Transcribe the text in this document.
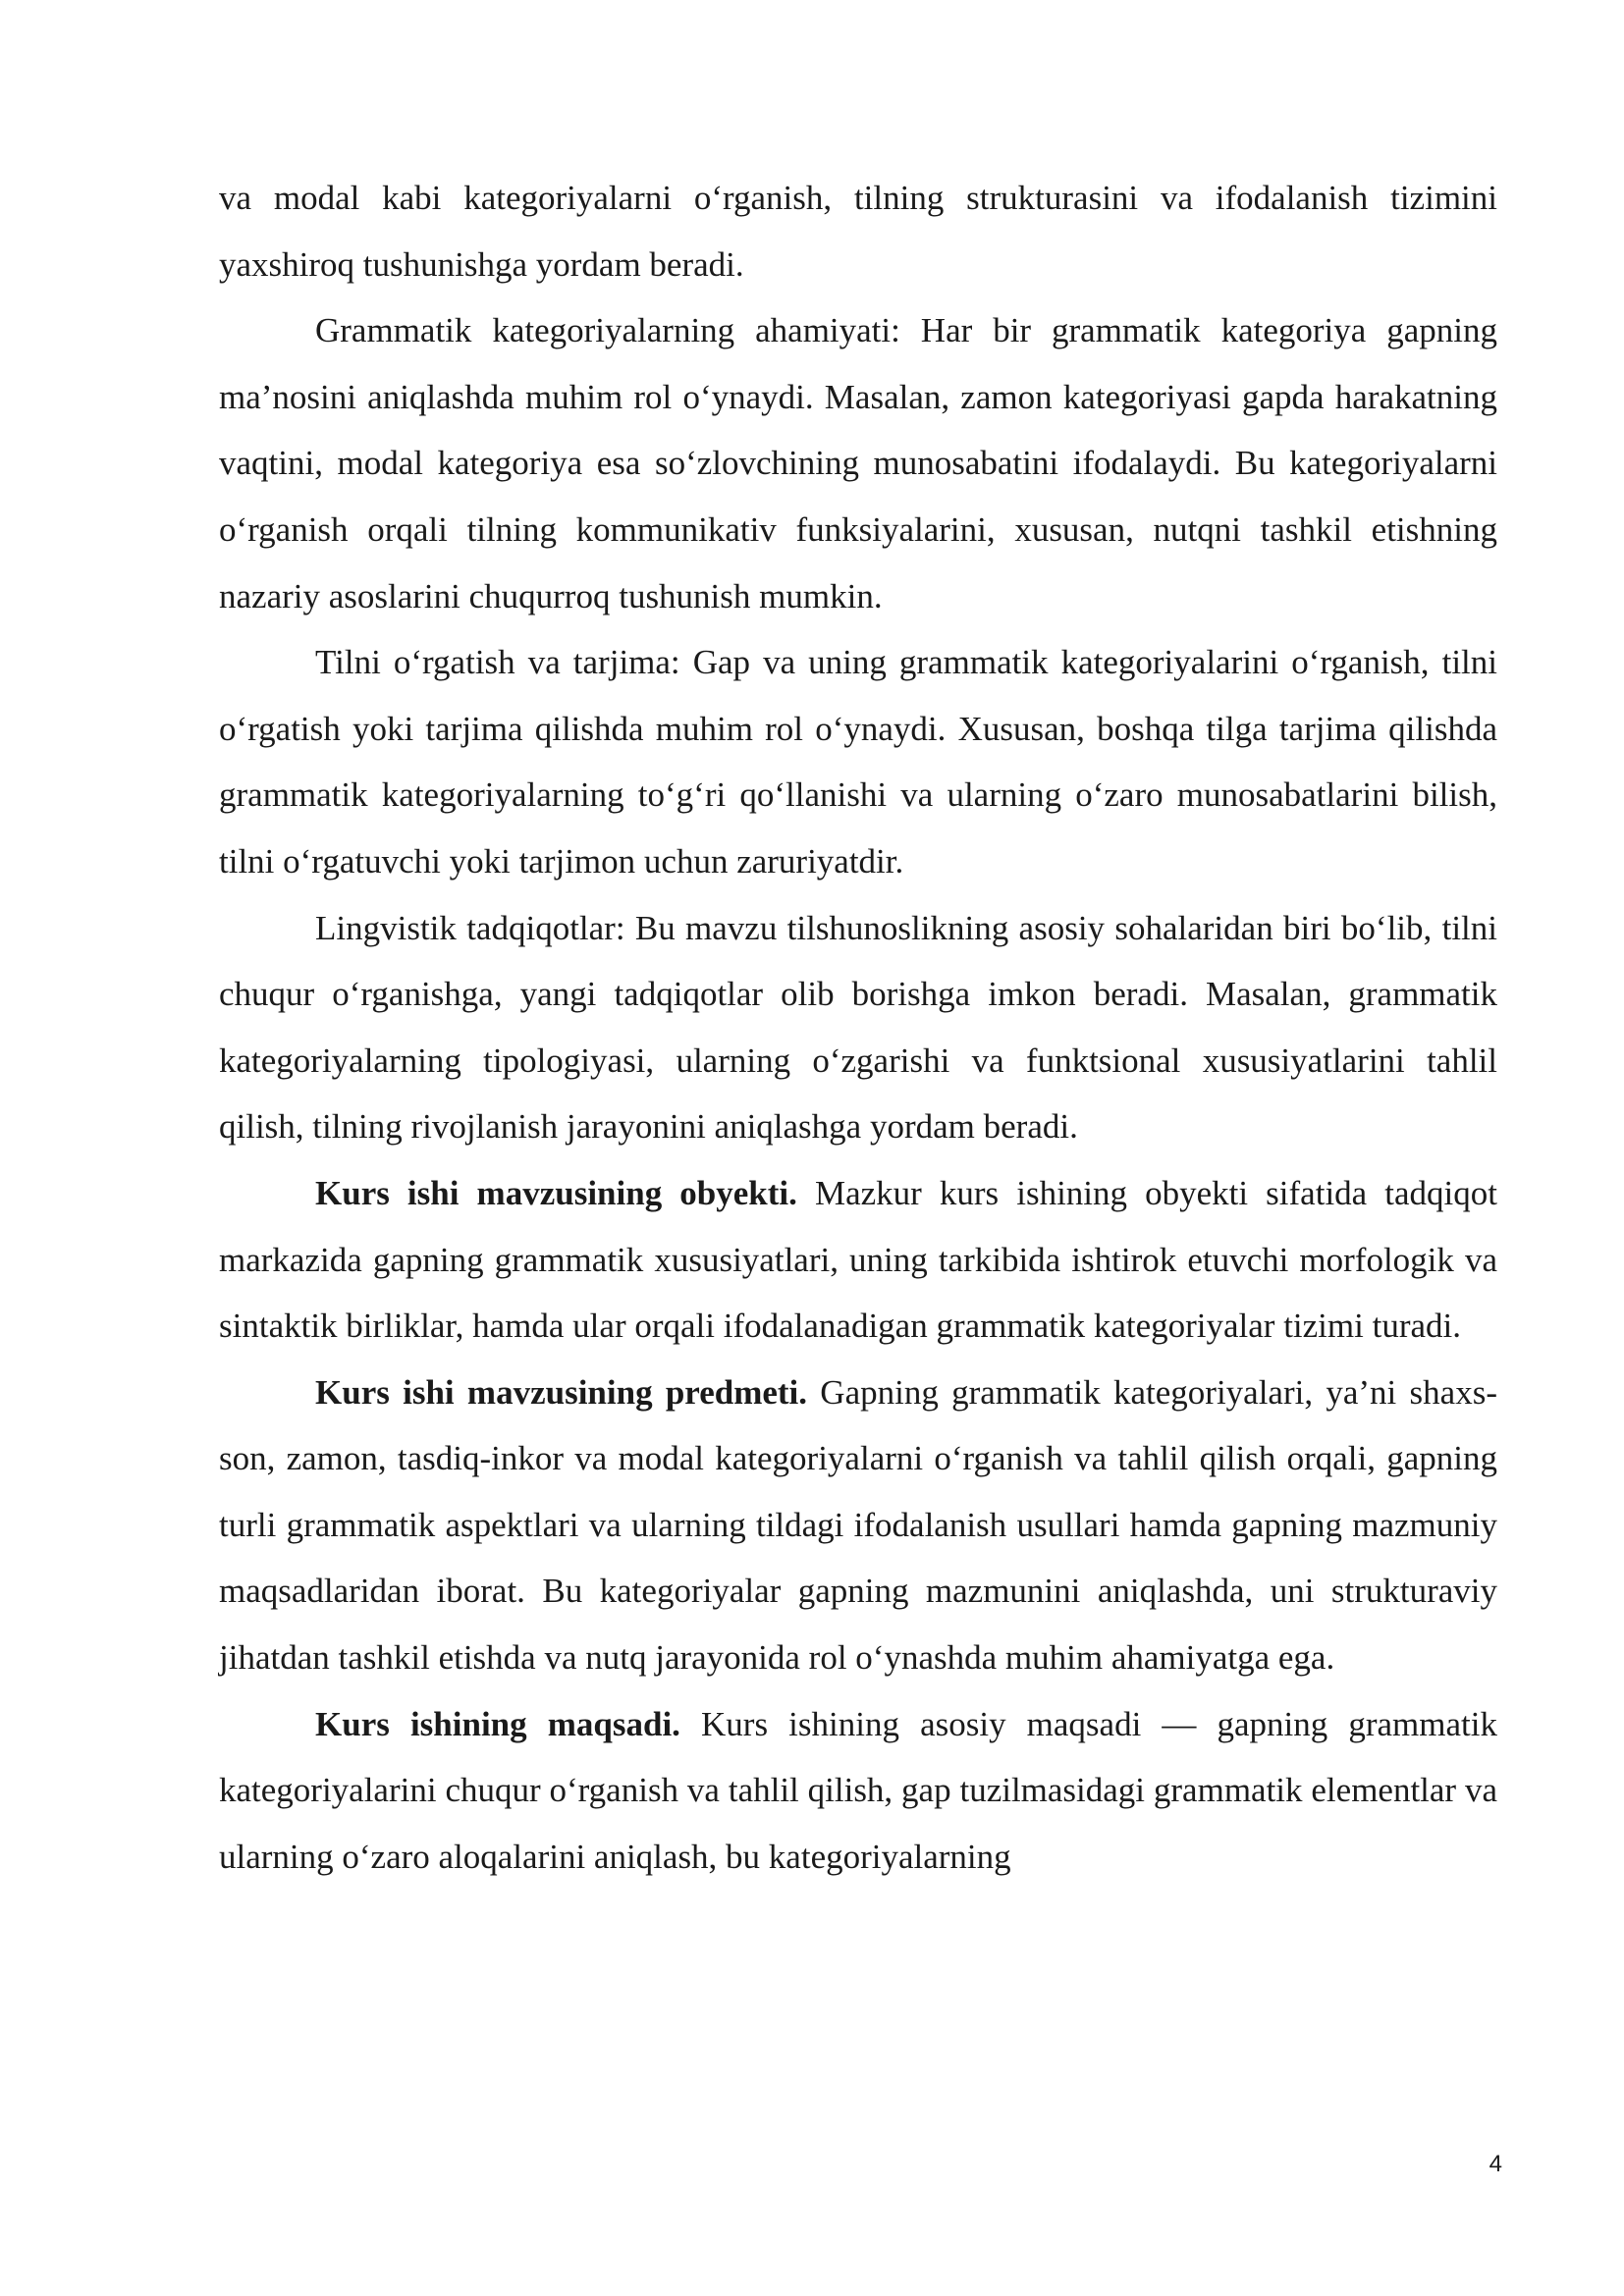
va modal kabi kategoriyalarni o‘rganish, tilning strukturasini va ifodalanish tizimini yaxshiroq tushunishga yordam beradi.

Grammatik kategoriyalarning ahamiyati: Har bir grammatik kategoriya gapning ma’nosini aniqlashda muhim rol o‘ynaydi. Masalan, zamon kategoriyasi gapda harakatning vaqtini, modal kategoriya esa so‘zlovchining munosabatini ifodalaydi. Bu kategoriyalarni o‘rganish orqali tilning kommunikativ funksiyalarini, xususan, nutqni tashkil etishning nazariy asoslarini chuqurroq tushunish mumkin.

Tilni o‘rgatish va tarjima: Gap va uning grammatik kategoriyalarini o‘rganish, tilni o‘rgatish yoki tarjima qilishda muhim rol o‘ynaydi. Xususan, boshqa tilga tarjima qilishda grammatik kategoriyalarning to‘g‘ri qo‘llanishi va ularning o‘zaro munosabatlarini bilish, tilni o‘rgatuvchi yoki tarjimon uchun zaruriyatdir.

Lingvistik tadqiqotlar: Bu mavzu tilshunoslikning asosiy sohalaridan biri bo‘lib, tilni chuqur o‘rganishga, yangi tadqiqotlar olib borishga imkon beradi. Masalan, grammatik kategoriyalarning tipologiyasi, ularning o‘zgarishi va funktsional xususiyatlarini tahlil qilish, tilning rivojlanish jarayonini aniqlashga yordam beradi.

Kurs ishi mavzusining obyekti. Mazkur kurs ishining obyekti sifatida tadqiqot markazida gapning grammatik xususiyatlari, uning tarkibida ishtirok etuvchi morfologik va sintaktik birliklar, hamda ular orqali ifodalanadigan grammatik kategoriyalar tizimi turadi.

Kurs ishi mavzusining predmeti. Gapning grammatik kategoriyalari, ya’ni shaxs-son, zamon, tasdiq-inkor va modal kategoriyalarni o‘rganish va tahlil qilish orqali, gapning turli grammatik aspektlari va ularning tildagi ifodalanish usullari hamda gapning mazmuniy maqsadlaridan iborat. Bu kategoriyalar gapning mazmunini aniqlashda, uni strukturaviy jihatdan tashkil etishda va nutq jarayonida rol o‘ynashda muhim ahamiyatga ega.

Kurs ishining maqsadi. Kurs ishining asosiy maqsadi — gapning grammatik kategoriyalarini chuqur o‘rganish va tahlil qilish, gap tuzilmasidagi grammatik elementlar va ularning o‘zaro aloqalarini aniqlash, bu kategoriyalarning

4
